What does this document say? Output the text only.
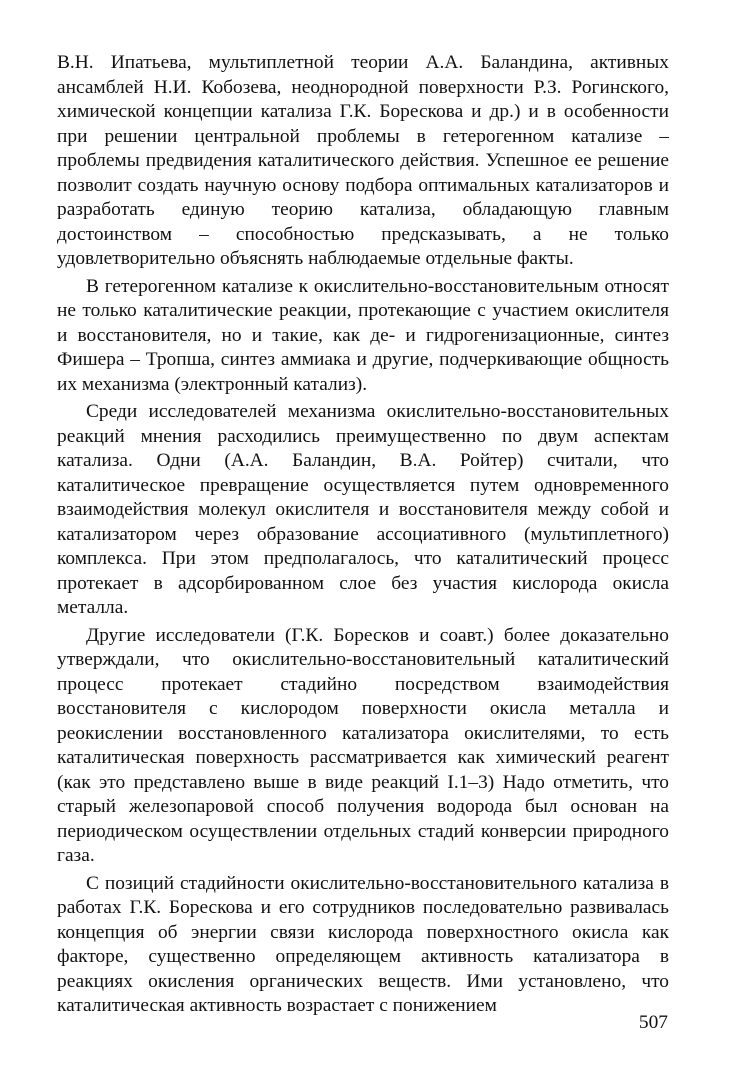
В.Н. Ипатьева, мультиплетной теории А.А. Баландина, активных ансамблей Н.И. Кобозева, неоднородной поверхности Р.З. Рогинского, химической концепции катализа Г.К. Борескова и др.) и в особенности при решении центральной проблемы в гетерогенном катализе – проблемы предвидения каталитического действия. Успешное ее решение позволит создать научную основу подбора оптимальных катализаторов и разработать единую теорию катализа, обладающую главным достоинством – способностью предсказывать, а не только удовлетворительно объяснять наблюдаемые отдельные факты.

В гетерогенном катализе к окислительно-восстановительным относят не только каталитические реакции, протекающие с участием окислителя и восстановителя, но и такие, как де- и гидрогенизационные, синтез Фишера – Тропша, синтез аммиака и другие, подчеркивающие общность их механизма (электронный катализ).

Среди исследователей механизма окислительно-восстановительных реакций мнения расходились преимущественно по двум аспектам катализа. Одни (А.А. Баландин, В.А. Ройтер) считали, что каталитическое превращение осуществляется путем одновременного взаимодействия молекул окислителя и восстановителя между собой и катализатором через образование ассоциативного (мультиплетного) комплекса. При этом предполагалось, что каталитический процесс протекает в адсорбированном слое без участия кислорода окисла металла.

Другие исследователи (Г.К. Боресков и соавт.) более доказательно утверждали, что окислительно-восстановительный каталитический процесс протекает стадийно посредством взаимодействия восстановителя с кислородом поверхности окисла металла и реокислении восстановленного катализатора окислителями, то есть каталитическая поверхность рассматривается как химический реагент (как это представлено выше в виде реакций I.1–3) Надо отметить, что старый железопаровой способ получения водорода был основан на периодическом осуществлении отдельных стадий конверсии природного газа.

С позиций стадийности окислительно-восстановительного катализа в работах Г.К. Борескова и его сотрудников последовательно развивалась концепция об энергии связи кислорода поверхностного окисла как факторе, существенно определяющем активность катализатора в реакциях окисления органических веществ. Ими установлено, что каталитическая активность возрастает с понижением

507
